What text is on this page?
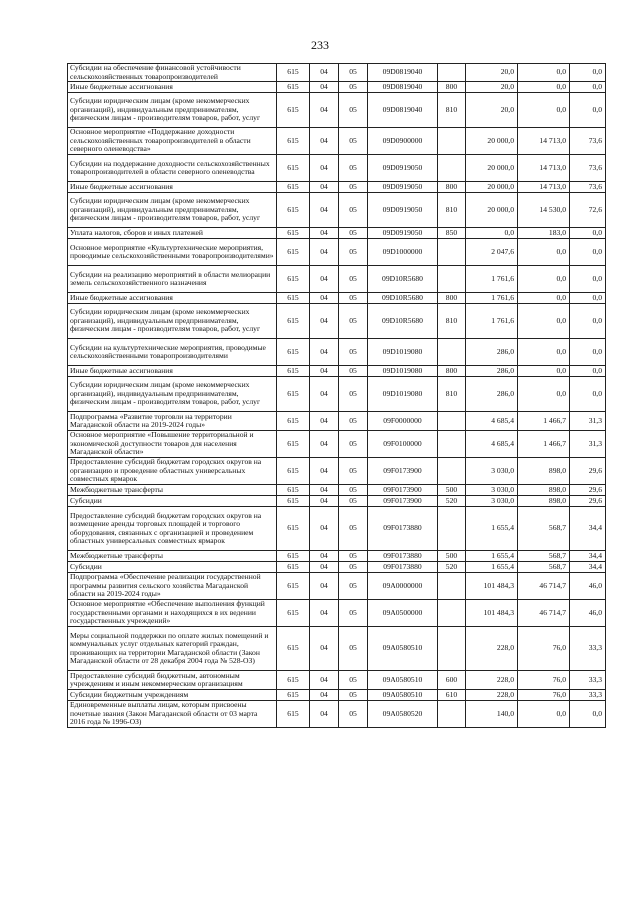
233
Субсидии на обеспечение финансовой устойчивости сельскохозяйственных товаропроизводителей	615	04	05	09D0819040		20,0	0,0	0,0
Иные бюджетные ассигнования	615	04	05	09D0819040	800	20,0	0,0	0,0
Субсидии юридическим лицам (кроме некоммерческих организаций), индивидуальным предпринимателям, физическим лицам - производителям товаров, работ, услуг	615	04	05	09D0819040	810	20,0	0,0	0,0
Основное мероприятие «Поддержание доходности сельскохозяйственных товаропроизводителей в области северного оленеводства»	615	04	05	09D0900000		20 000,0	14 713,0	73,6
Субсидии на поддержание доходности сельскохозяйственных товаропроизводителей в области северного оленеводства	615	04	05	09D0919050		20 000,0	14 713,0	73,6
Иные бюджетные ассигнования	615	04	05	09D0919050	800	20 000,0	14 713,0	73,6
Субсидии юридическим лицам (кроме некоммерческих организаций), индивидуальным предпринимателям, физическим лицам - производителям товаров, работ, услуг	615	04	05	09D0919050	810	20 000,0	14 530,0	72,6
Уплата налогов, сборов и иных платежей	615	04	05	09D0919050	850	0,0	183,0	0,0
Основное мероприятие «Культуртехнические мероприятия, проводимые сельскохозяйственными товаропроизводителями»	615	04	05	09D1000000		2 047,6	0,0	0,0
Субсидии на реализацию мероприятий в области мелиорации земель сельскохозяйственного назначения	615	04	05	09D10R5680		1 761,6	0,0	0,0
Иные бюджетные ассигнования	615	04	05	09D10R5680	800	1 761,6	0,0	0,0
Субсидии юридическим лицам (кроме некоммерческих организаций), индивидуальным предпринимателям, физическим лицам - производителям товаров, работ, услуг	615	04	05	09D10R5680	810	1 761,6	0,0	0,0
Субсидии на культуртехнические мероприятия, проводимые сельскохозяйственными товаропроизводителями	615	04	05	09D1019080		286,0	0,0	0,0
Иные бюджетные ассигнования	615	04	05	09D1019080	800	286,0	0,0	0,0
Субсидии юридическим лицам (кроме некоммерческих организаций), индивидуальным предпринимателям, физическим лицам - производителям товаров, работ, услуг	615	04	05	09D1019080	810	286,0	0,0	0,0
Подпрограмма «Развитие торговли на территории Магаданской области на 2019-2024 годы»	615	04	05	09F0000000		4 685,4	1 466,7	31,3
Основное мероприятие «Повышение территориальной и экономической доступности товаров для населения Магаданской области»	615	04	05	09F0100000		4 685,4	1 466,7	31,3
Предоставление субсидий бюджетам городских округов на организацию и проведение областных универсальных совместных ярмарок	615	04	05	09F0173900		3 030,0	898,0	29,6
Межбюджетные трансферты	615	04	05	09F0173900	500	3 030,0	898,0	29,6
Субсидии	615	04	05	09F0173900	520	3 030,0	898,0	29,6
Предоставление субсидий бюджетам городских округов на возмещение аренды торговых площадей и торгового оборудования, связанных с организацией и проведением областных универсальных совместных ярмарок	615	04	05	09F0173880		1 655,4	568,7	34,4
Межбюджетные трансферты	615	04	05	09F0173880	500	1 655,4	568,7	34,4
Субсидии	615	04	05	09F0173880	520	1 655,4	568,7	34,4
Подпрограмма «Обеспечение реализации государственной программы развития сельского хозяйства Магаданской области на 2019-2024 годы»	615	04	05	09A0000000		101 484,3	46 714,7	46,0
Основное мероприятие «Обеспечение выполнения функций государственными органами и находящихся в их ведении государственных учреждений»	615	04	05	09A0500000		101 484,3	46 714,7	46,0
Меры социальной поддержки по оплате жилых помещений и коммунальных услуг отдельных категорий граждан, проживающих на территории Магаданской области (Закон Магаданской области от 28 декабря 2004 года № 528-ОЗ)	615	04	05	09A0580510		228,0	76,0	33,3
Предоставление субсидий бюджетным, автономным учреждениям и иным некоммерческим организациям	615	04	05	09A0580510	600	228,0	76,0	33,3
Субсидии бюджетным учреждениям	615	04	05	09A0580510	610	228,0	76,0	33,3
Единовременные выплаты лицам, которым присвоены почетные звания (Закон Магаданской области от 03 марта 2016 года № 1996-ОЗ)	615	04	05	09A0580520		140,0	0,0	0,0
